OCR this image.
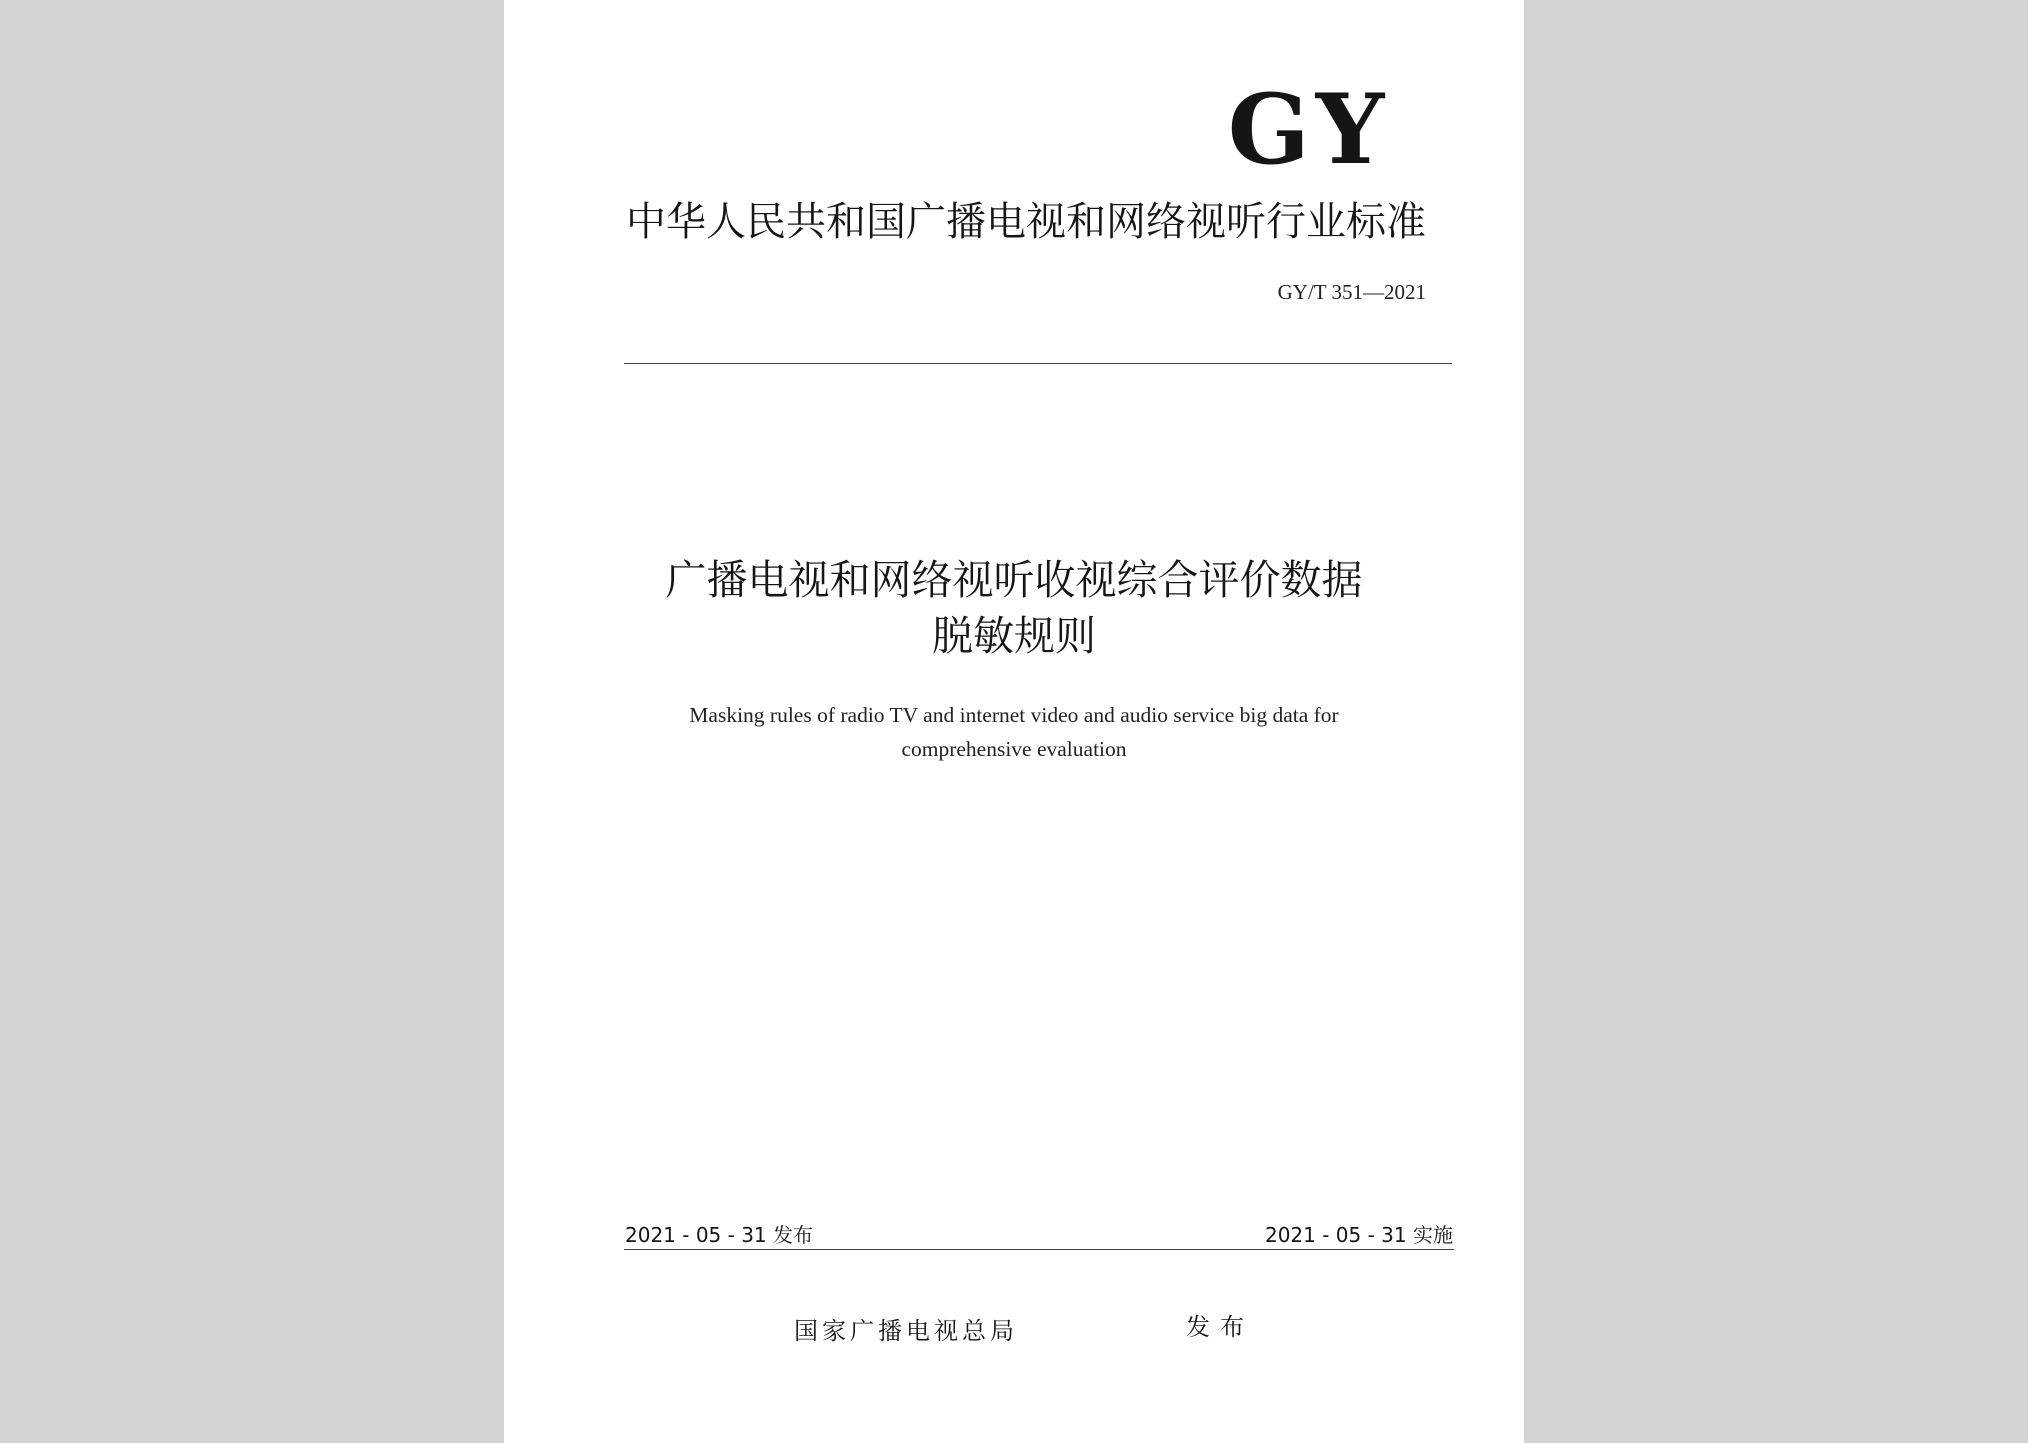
GY
中华人民共和国广播电视和网络视听行业标准
GY/T 351—2021
广播电视和网络视听收视综合评价数据
脱敏规则
Masking rules of radio TV and internet video and audio service big data for
comprehensive evaluation
2021 - 05 - 31 发布	2021 - 05 - 31 实施
国家广播电视总局	发布
